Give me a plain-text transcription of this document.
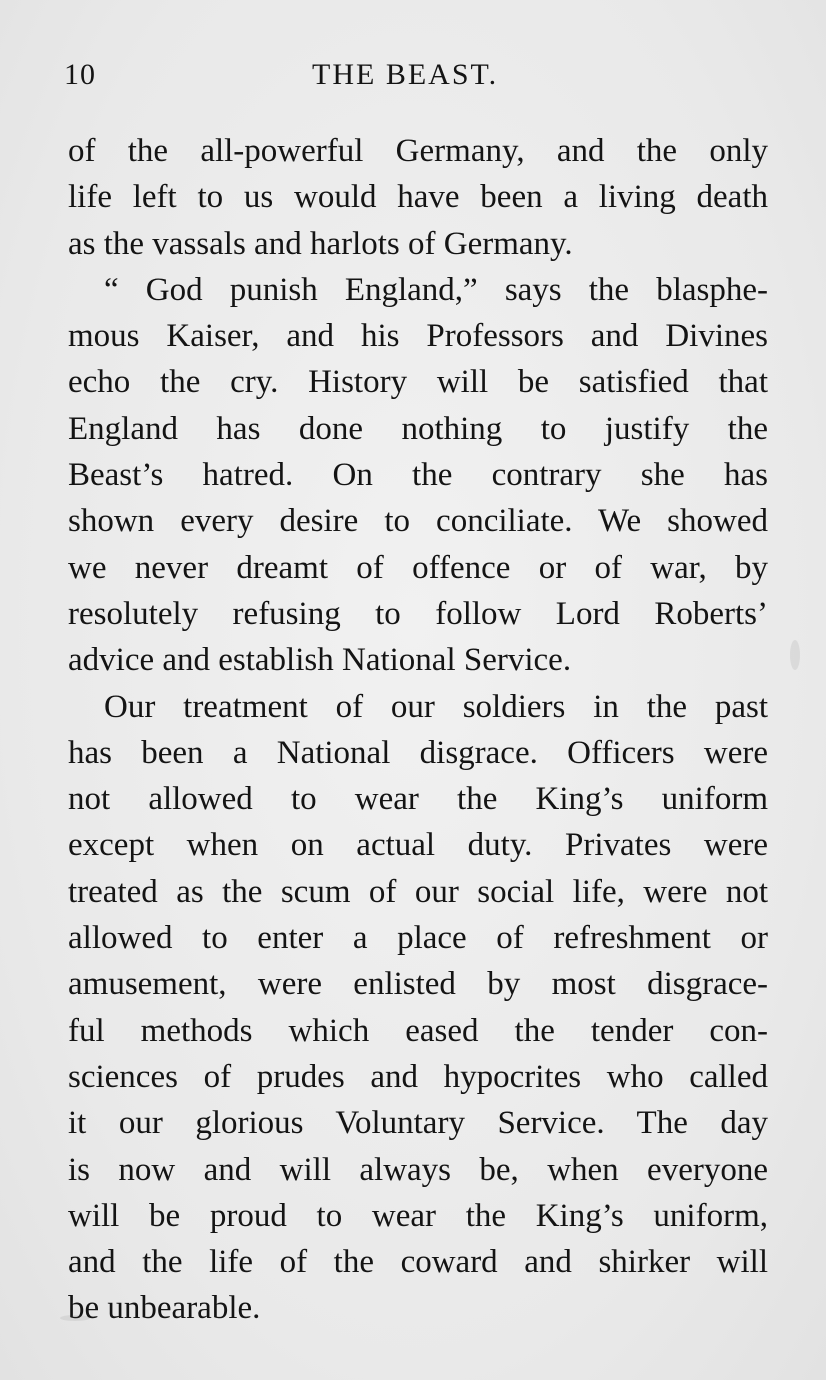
10	THE BEAST.
of the all-powerful Germany, and the only
life left to us would have been a living death
as the vassals and harlots of Germany.
“ God punish England,” says the blasphe-
mous Kaiser, and his Professors and Divines
echo the cry. History will be satisfied that
England has done nothing to justify the
Beast’s hatred. On the contrary she has
shown every desire to conciliate. We showed
we never dreamt of offence or of war, by
resolutely refusing to follow Lord Roberts’
advice and establish National Service.
Our treatment of our soldiers in the past
has been a National disgrace. Officers were
not allowed to wear the King’s uniform
except when on actual duty. Privates were
treated as the scum of our social life, were not
allowed to enter a place of refreshment or
amusement, were enlisted by most disgrace-
ful methods which eased the tender con-
sciences of prudes and hypocrites who called
it our glorious Voluntary Service. The day
is now and will always be, when everyone
will be proud to wear the King’s uniform,
and the life of the coward and shirker will
be unbearable.
